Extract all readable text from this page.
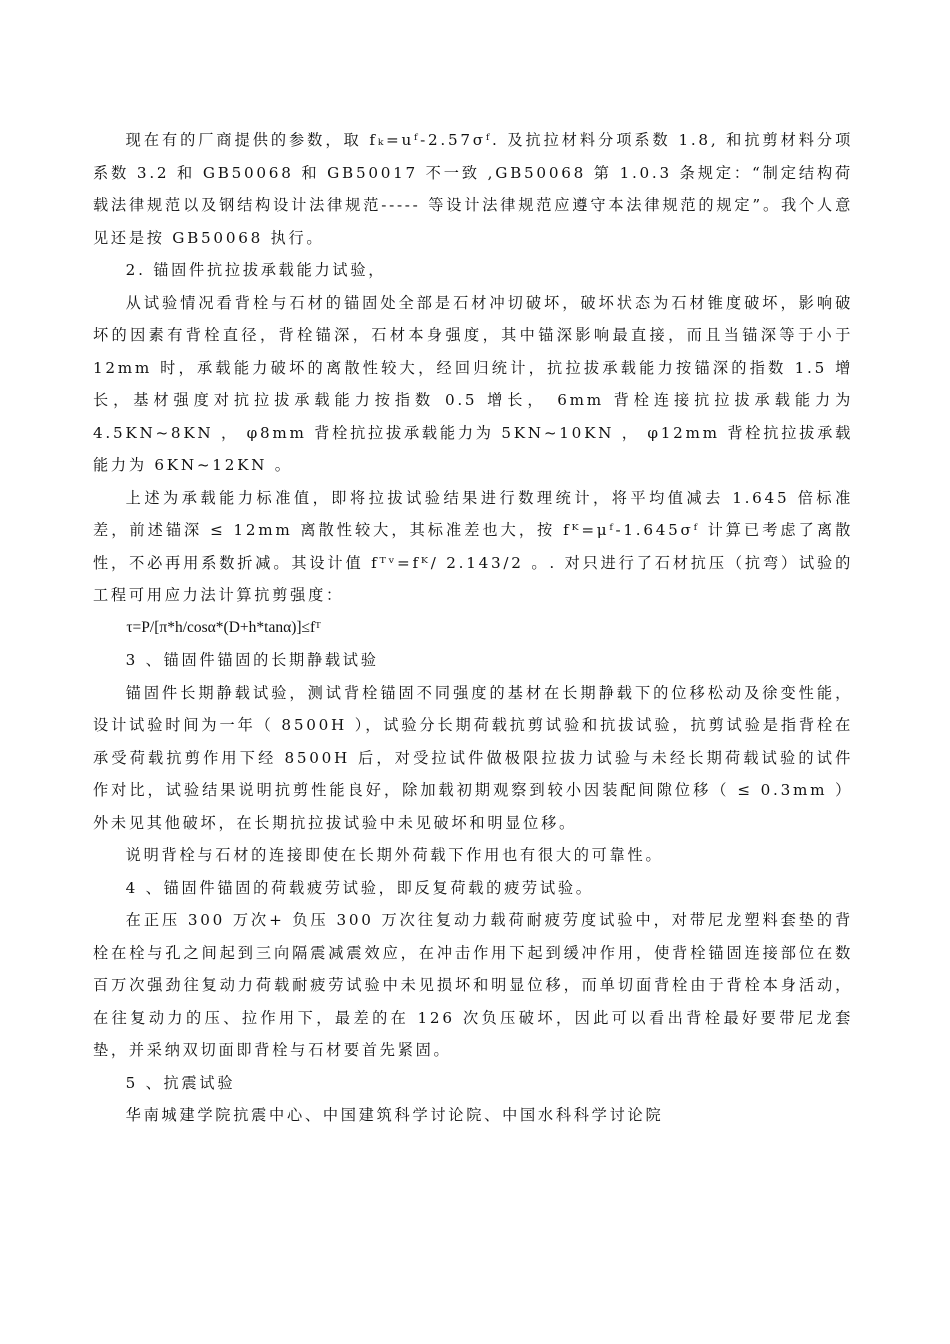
现在有的厂商提供的参数，取 fₖ=uᶠ-2.57σᶠ. 及抗拉材料分项系数 1.8, 和抗剪材料分项系数 3.2 和 GB50068 和 GB50017 不一致 ,GB50068 第 1.0.3 条规定：“制定结构荷载法律规范以及钢结构设计法律规范----- 等设计法律规范应遵守本法律规范的规定”。我个人意见还是按 GB50068 执行。

2. 锚固件抗拉拔承载能力试验，

从试验情况看背栓与石材的锚固处全部是石材冲切破坏，破坏状态为石材锥度破坏，影响破坏的因素有背栓直径，背栓锚深，石材本身强度，其中锚深影响最直接，而且当锚深等于小于 12mm 时，承载能力破坏的离散性较大，经回归统计，抗拉拔承载能力按锚深的指数 1.5 增长，基材强度对抗拉拔承载能力按指数 0.5 增长， 6mm 背栓连接抗拉拔承载能力为 4.5KN~8KN ， φ8mm 背栓抗拉拔承载能力为 5KN~10KN ， φ12mm 背栓抗拉拔承载能力为 6KN~12KN 。

上述为承载能力标准值，即将拉拔试验结果进行数理统计，将平均值减去 1.645 倍标准差，前述锚深 ≤ 12mm 离散性较大，其标准差也大，按 fᴷ=μᶠ-1.645σᶠ 计算已考虑了离散性，不必再用系数折减。其设计值 fᵀᵛ=fᴷ/ 2.143/2 。. 对只进行了石材抗压（抗弯）试验的工程可用应力法计算抗剪强度：

τ=P/[π*h/cosα*(D+h*tanα)]≤fᵀ

3 、锚固件锚固的长期静载试验

锚固件长期静载试验，测试背栓锚固不同强度的基材在长期静载下的位移松动及徐变性能，设计试验时间为一年（ 8500H ），试验分长期荷载抗剪试验和抗拔试验，抗剪试验是指背栓在承受荷载抗剪作用下经 8500H 后，对受拉试件做极限拉拔力试验与未经长期荷载试验的试件作对比，试验结果说明抗剪性能良好，除加载初期观察到较小因装配间隙位移（ ≤ 0.3mm ）外未见其他破坏，在长期抗拉拔试验中未见破坏和明显位移。

说明背栓与石材的连接即使在长期外荷载下作用也有很大的可靠性。

4 、锚固件锚固的荷载疲劳试验，即反复荷载的疲劳试验。

在正压 300 万次+ 负压 300 万次往复动力载荷耐疲劳度试验中，对带尼龙塑料套垫的背栓在栓与孔之间起到三向隔震减震效应，在冲击作用下起到缓冲作用，使背栓锚固连接部位在数百万次强劲往复动力荷载耐疲劳试验中未见损坏和明显位移，而单切面背栓由于背栓本身活动，在往复动力的压、拉作用下，最差的在 126 次负压破坏，因此可以看出背栓最好要带尼龙套垫，并采纳双切面即背栓与石材要首先紧固。

5 、抗震试验

华南城建学院抗震中心、中国建筑科学讨论院、中国水科科学讨论院
